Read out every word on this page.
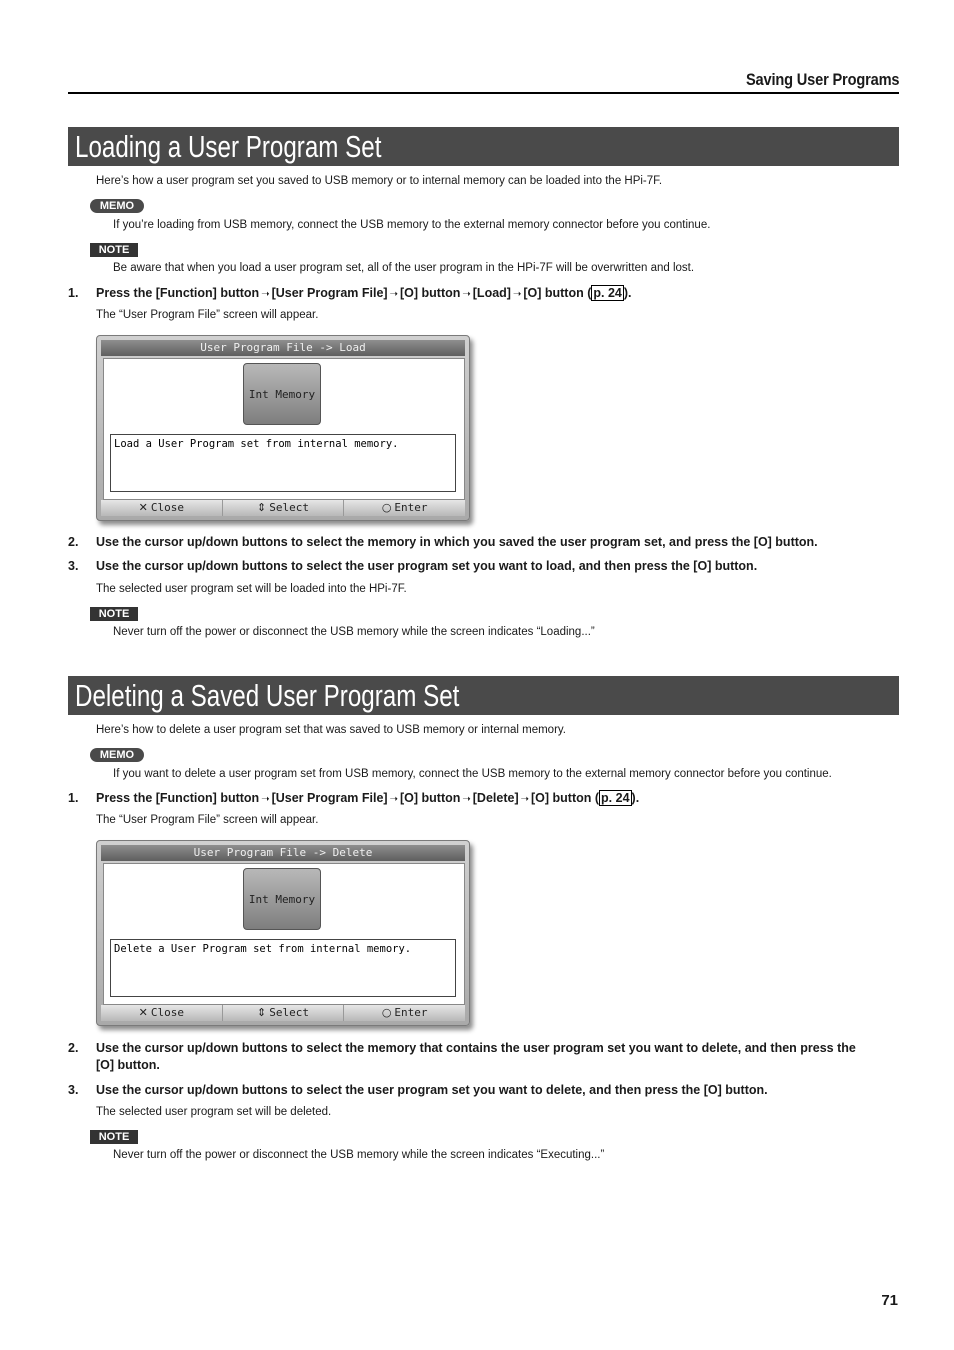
Saving User Programs
Loading a User Program Set
Here’s how a user program set you saved to USB memory or to internal memory can be loaded into the HPi-7F.
MEMO
If you’re loading from USB memory, connect the USB memory to the external memory connector before you continue.
NOTE
Be aware that when you load a user program set, all of the user program in the HPi-7F will be overwritten and lost.
1. Press the [Function] button ➝ [User Program File] ➝ [O] button ➝ [Load] ➝ [O] button ( p. 24 ).
The “User Program File” screen will appear.
User Program File -> Load
Int Memory
Load a User Program set from internal memory.
✕ Close	⇕ Select	○ Enter
2. Use the cursor up/down buttons to select the memory in which you saved the user program set, and press the [O] button.
3. Use the cursor up/down buttons to select the user program set you want to load, and then press the [O] button.
The selected user program set will be loaded into the HPi-7F.
NOTE
Never turn off the power or disconnect the USB memory while the screen indicates “Loading...”
Deleting a Saved User Program Set
Here’s how to delete a user program set that was saved to USB memory or internal memory.
MEMO
If you want to delete a user program set from USB memory, connect the USB memory to the external memory connector before you continue.
1. Press the [Function] button ➝ [User Program File] ➝ [O] button ➝ [Delete] ➝ [O] button ( p. 24 ).
The “User Program File” screen will appear.
User Program File -> Delete
Int Memory
Delete a User Program set from internal memory.
✕ Close	⇕ Select	○ Enter
2. Use the cursor up/down buttons to select the memory that contains the user program set you want to delete, and then press the
[O] button.
3. Use the cursor up/down buttons to select the user program set you want to delete, and then press the [O] button.
The selected user program set will be deleted.
NOTE
Never turn off the power or disconnect the USB memory while the screen indicates “Executing...”
71
